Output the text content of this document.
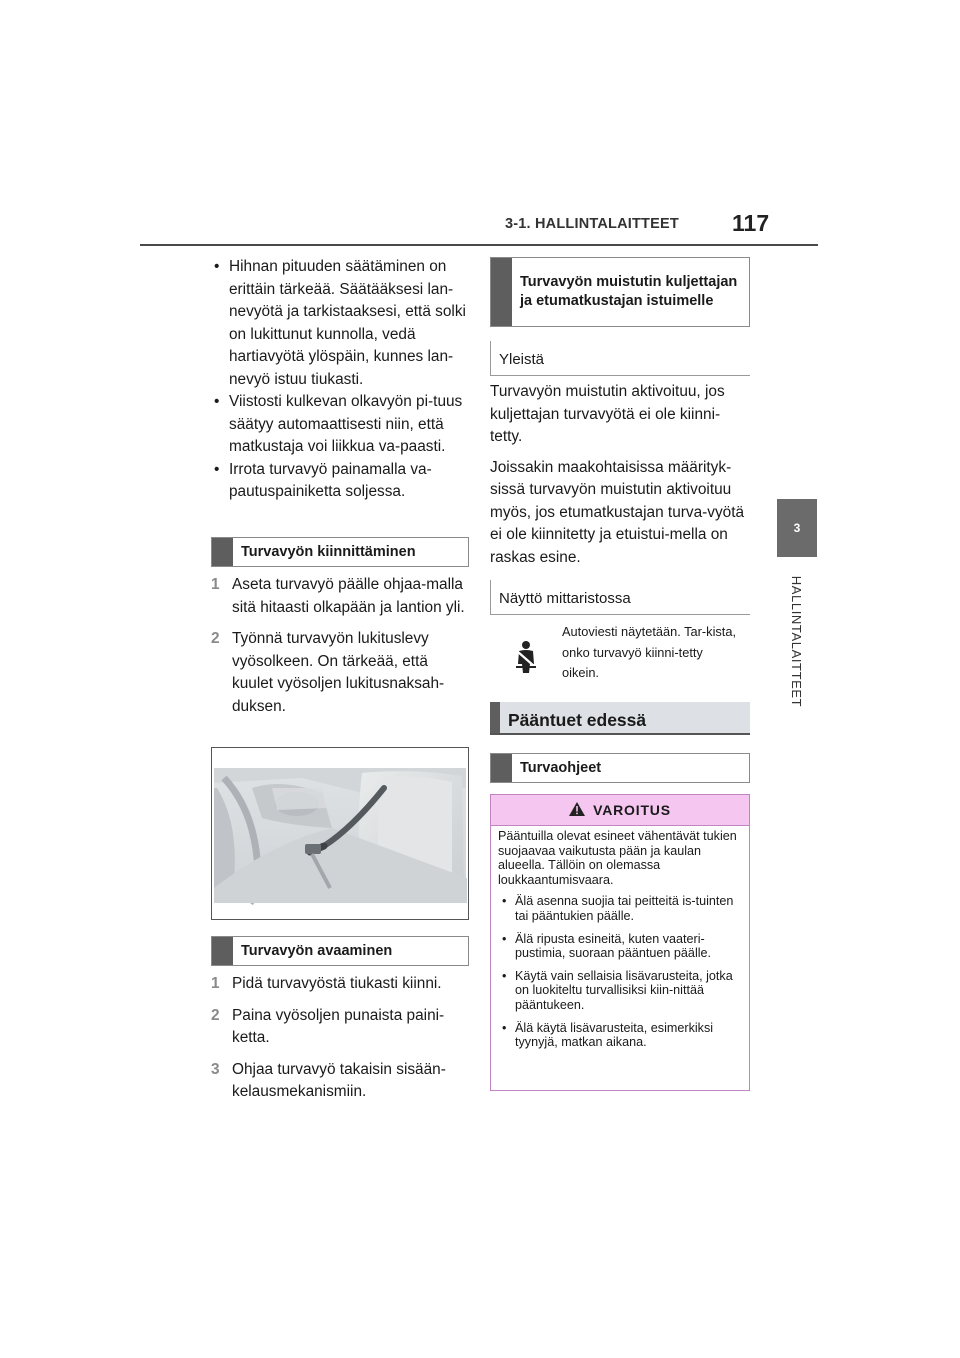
3-1. HALLINTALAITTEET 117
3
HALLINTALAITTEET
• Hihnan pituuden säätäminen on erittäin tärkeää. Säätääksesi lan-nevyötä ja tarkistaaksesi, että solki on lukittunut kunnolla, vedä hartiavyötä ylöspäin, kunnes lan-nevyö istuu tiukasti.
• Viistosti kulkevan olkavyön pi-tuus säätyy automaattisesti niin, että matkustaja voi liikkua va-paasti.
• Irrota turvavyö painamalla va-pautuspainiketta soljessa.
Turvavyön kiinnittäminen
1 Aseta turvavyö päälle ohjaa-malla sitä hitaasti olkapään ja lantion yli.
2 Työnnä turvavyön lukituslevy vyösolkeen. On tärkeää, että kuulet vyösoljen lukitusnaksah-duksen.
Turvavyön avaaminen
1 Pidä turvavyöstä tiukasti kiinni.
2 Paina vyösoljen punaista paini-ketta.
3 Ohjaa turvavyö takaisin sisään-kelausmekanismiin.
Turvavyön muistutin kuljettajan ja etumatkustajan istuimelle
Yleistä

Turvavyön muistutin aktivoituu, jos kuljettajan turvavyötä ei ole kiinni-tetty.

Joissakin maakohtaisissa määrityk-sissä turvavyön muistutin aktivoituu myös, jos etumatkustajan turva-vyötä ei ole kiinnitetty ja etuistui-mella on raskas esine.

Näyttö mittaristossa
Autoviesti näytetään. Tar-kista, onko turvavyö kiinni-tetty oikein.
Pääntuet edessä
Turvaohjeet
VAROITUS

Pääntuilla olevat esineet vähentävät tukien suojaavaa vaikutusta pään ja kaulan alueella. Tällöin on olemassa loukkaantumisvaara.

• Älä asenna suojia tai peitteitä is-tuinten tai pääntukien päälle.
• Älä ripusta esineitä, kuten vaateri-pustimia, suoraan pääntuen päälle.
• Käytä vain sellaisia lisävarusteita, jotka on luokiteltu turvallisiksi kiin-nittää pääntukeen.
• Älä käytä lisävarusteita, esimerkiksi tyynyjä, matkan aikana.
